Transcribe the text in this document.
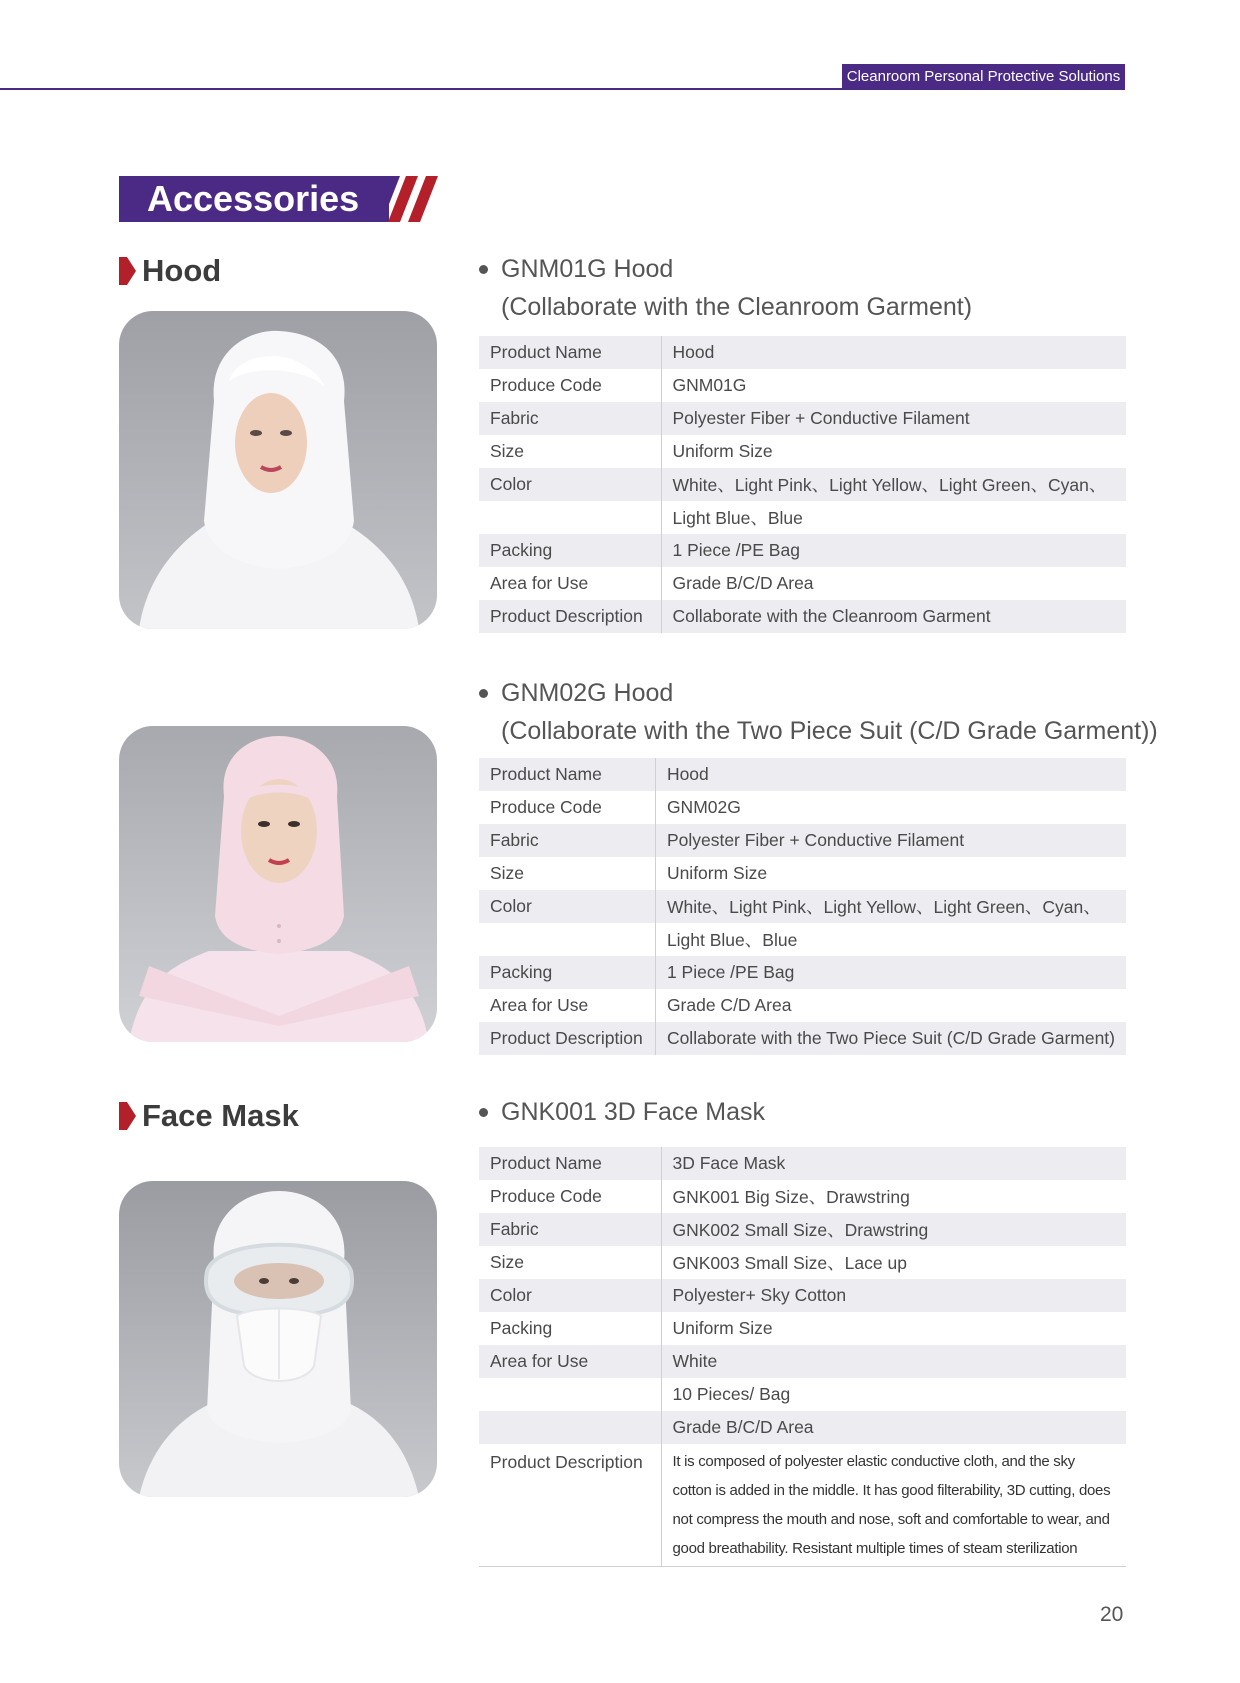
Cleanroom Personal Protective Solutions
Accessories
Hood	GNM01G Hood
(Collaborate with the Cleanroom Garment)
Product Name	Hood
Produce Code	GNM01G
Fabric	Polyester Fiber + Conductive Filament
Size	Uniform Size
Color	White、Light Pink、Light Yellow、Light Green、Cyan、
	Light Blue、Blue
Packing	1 Piece /PE Bag
Area for Use	Grade B/C/D Area
Product Description	Collaborate with the Cleanroom Garment
GNM02G Hood
(Collaborate with the Two Piece Suit (C/D Grade Garment))
Product Name	Hood
Produce Code	GNM02G
Fabric	Polyester Fiber + Conductive Filament
Size	Uniform Size
Color	White、Light Pink、Light Yellow、Light Green、Cyan、
	Light Blue、Blue
Packing	1 Piece /PE Bag
Area for Use	Grade C/D Area
Product Description	Collaborate with the Two Piece Suit (C/D Grade Garment)
Face Mask	GNK001 3D Face Mask
Product Name	3D Face Mask
Produce Code	GNK001 Big Size、Drawstring
Fabric	GNK002 Small Size、Drawstring
Size	GNK003 Small Size、Lace up
Color	Polyester+ Sky Cotton
Packing	Uniform Size
Area for Use	White
	10 Pieces/ Bag
	Grade B/C/D Area
Product Description	It is composed of polyester elastic conductive cloth, and the sky cotton is added in the middle. It has good filterability, 3D cutting, does not compress the mouth and nose, soft and comfortable to wear, and good breathability. Resistant multiple times of steam sterilization
20
